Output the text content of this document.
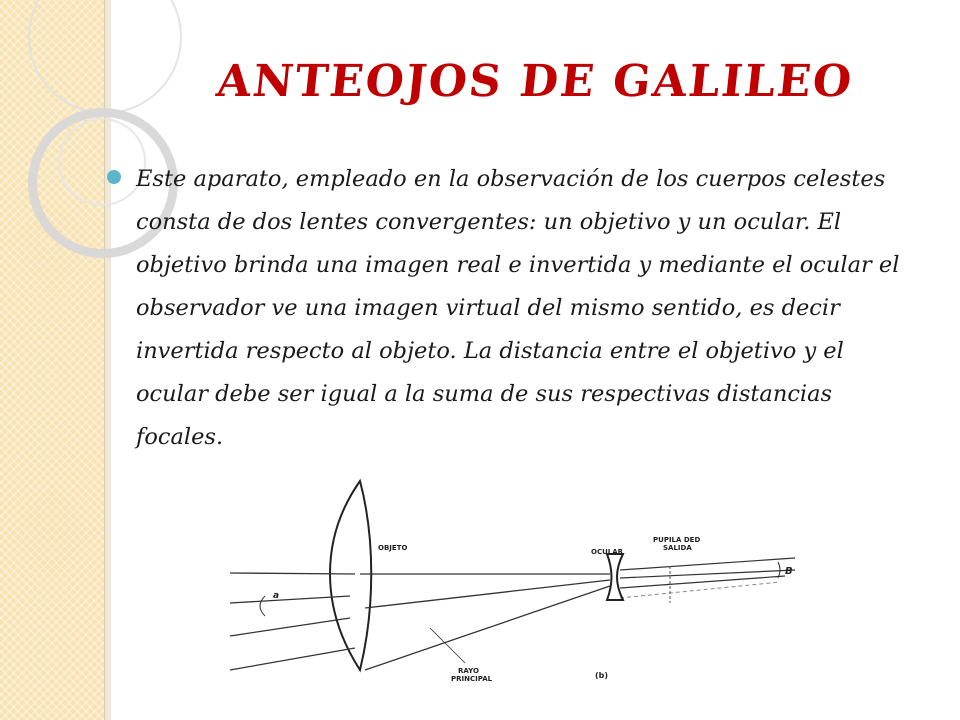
ANTEOJOS DE GALILEO
Este aparato, empleado en la observación de los cuerpos celestes consta de dos lentes convergentes: un objetivo y un ocular. El objetivo brinda una imagen real e invertida y mediante el ocular el observador ve una imagen virtual del mismo sentido, es decir invertida respecto al objeto. La distancia entre el objetivo y el ocular debe ser igual a la suma de sus respectivas distancias focales.
OBJETO	OCULAR
PUPILA DED
SALIDA
RAYO
PRINCIPAL
a
B
(b)
